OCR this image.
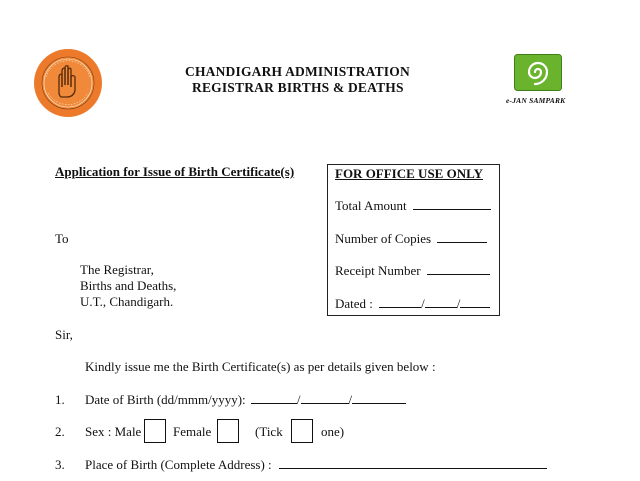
CHANDIGARH ADMINISTRATION
REGISTRAR BIRTHS & DEATHS
e-JAN SAMPARK
Application for Issue of Birth Certificate(s)	FOR OFFICE USE ONLY
Total Amount
Number of Copies
Receipt Number
Dated :	/ /
To
The Registrar,
Births and Deaths,
U.T., Chandigarh.
Sir,
Kindly issue me the Birth Certificate(s) as per details given below :
1. Date of Birth (dd/mmm/yyyy):	/	/
2. Sex : Male Female	(Tick	one)
3. Place of Birth (Complete Address) :
